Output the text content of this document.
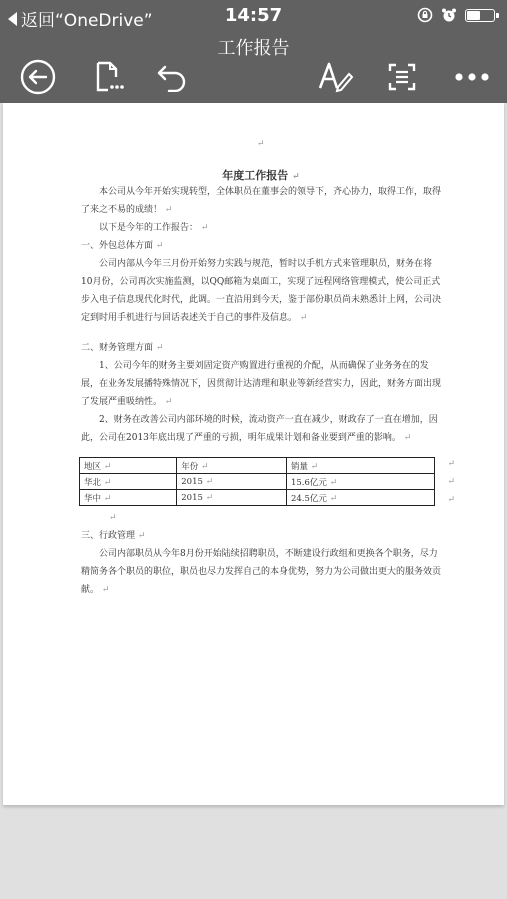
返回“OneDrive”	14:57
工作报告
↵
年度工作报告 ↵

本公司从今年开始实现转型，全体职员在董事会的领导下，齐心协力，取得工作，取得了来之不易的成绩！ ↵

以下是今年的工作报告： ↵

一、外包总体方面 ↵

公司内部从今年三月份开始努力实践与规范，暂时以手机方式来管理职员，财务在将10月份，公司再次实施监测，以QQ邮箱为桌面工，实现了远程网络管理模式，使公司正式步入电子信息现代化时代，此调。一直沿用到今天，鉴于部份职员尚未熟悉计上网，公司决定到时用手机进行与回话表述关于自己的事件及信息。 ↵

二、财务管理方面 ↵

1、公司今年的财务主要刘固定资产购置进行重视的介配，从而确保了业务务在的发展，在业务发展播特殊情况下，因贯彻计达清理和职业等新经营实力，因此，财务方面出现了发展严重吸纳性。 ↵

2、财务在改善公司内部环境的时候，流动资产一直在减少，财政存了一直在增加，因此，公司在2013年底出现了严重的亏损，明年成果计划和备业要到严重的影响。 ↵

地区 ↵	年份 ↵	销量 ↵
华北 ↵	2015 ↵	15.6亿元 ↵
华中 ↵	2015 ↵	24.5亿元 ↵
↵
↵
↵
↵

三、行政管理 ↵

公司内部职员从今年8月份开始陆续招聘职员，不断建设行政组和更换各个职务，尽力精简务各个职员的职位，职员也尽力发挥自己的本身优势，努力为公司做出更大的服务效贡献。 ↵
